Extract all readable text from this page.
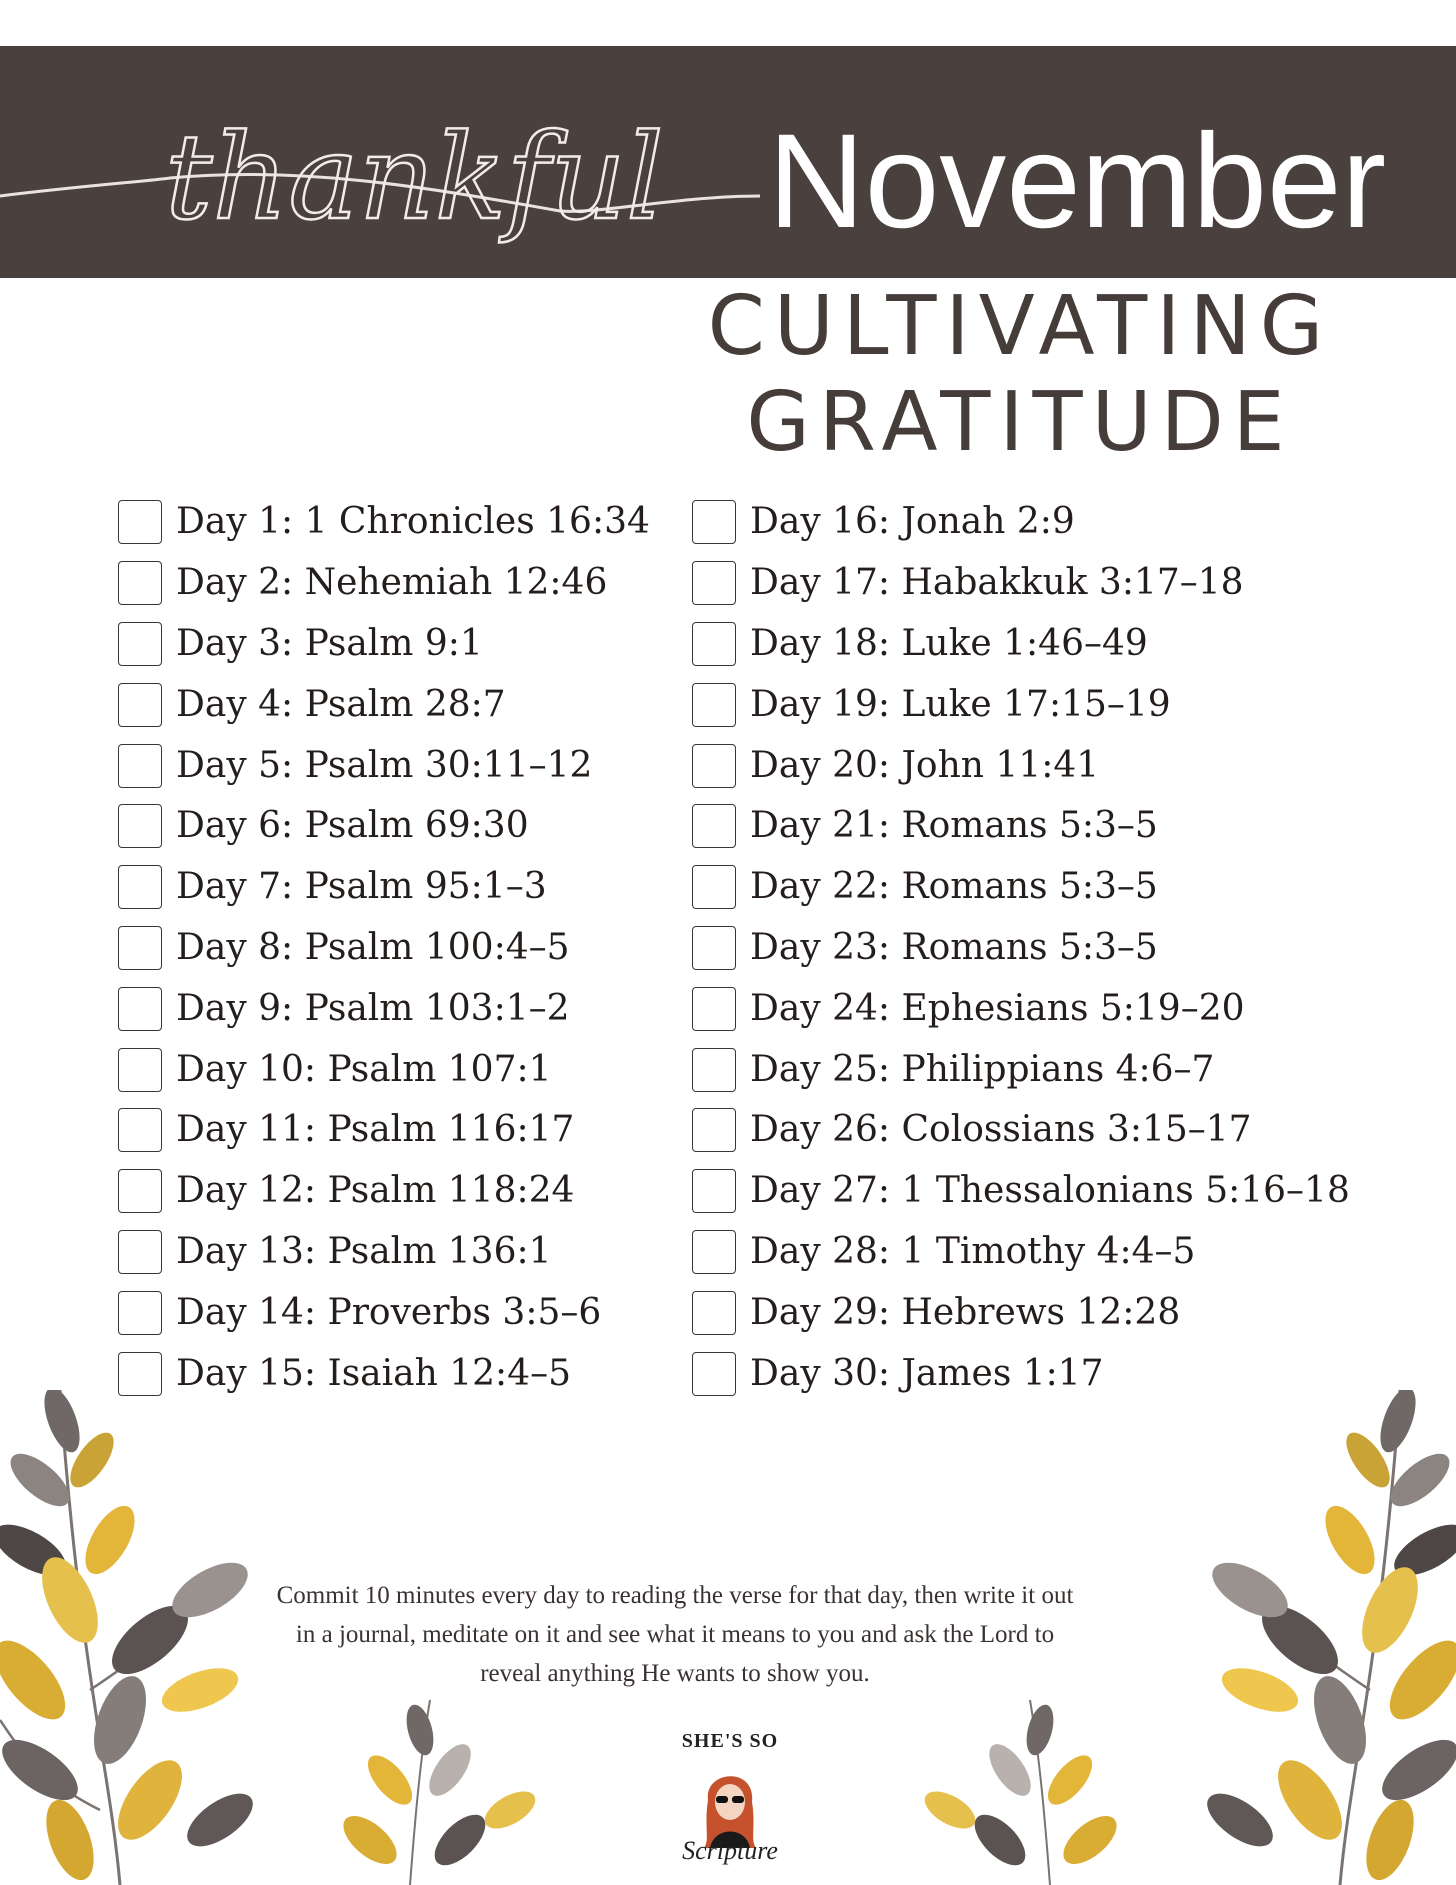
thankful November
CULTIVATING
GRATITUDE
Day 1: 1 Chronicles 16:34
Day 2: Nehemiah 12:46
Day 3: Psalm 9:1
Day 4: Psalm 28:7
Day 5: Psalm 30:11–12
Day 6: Psalm 69:30
Day 7: Psalm 95:1–3
Day 8: Psalm 100:4–5
Day 9: Psalm 103:1–2
Day 10: Psalm 107:1
Day 11: Psalm 116:17
Day 12: Psalm 118:24
Day 13: Psalm 136:1
Day 14: Proverbs 3:5–6
Day 15: Isaiah 12:4–5
Day 16: Jonah 2:9
Day 17: Habakkuk 3:17–18
Day 18: Luke 1:46–49
Day 19: Luke 17:15–19
Day 20: John 11:41
Day 21: Romans 5:3–5
Day 22: Romans 5:3–5
Day 23: Romans 5:3–5
Day 24: Ephesians 5:19–20
Day 25: Philippians 4:6–7
Day 26: Colossians 3:15–17
Day 27: 1 Thessalonians 5:16–18
Day 28: 1 Timothy 4:4–5
Day 29: Hebrews 12:28
Day 30: James 1:17
Commit 10 minutes every day to reading the verse for that day, then write it out
in a journal, meditate on it and see what it means to you and ask the Lord to
reveal anything He wants to show you.
SHE'S SO
Scripture
